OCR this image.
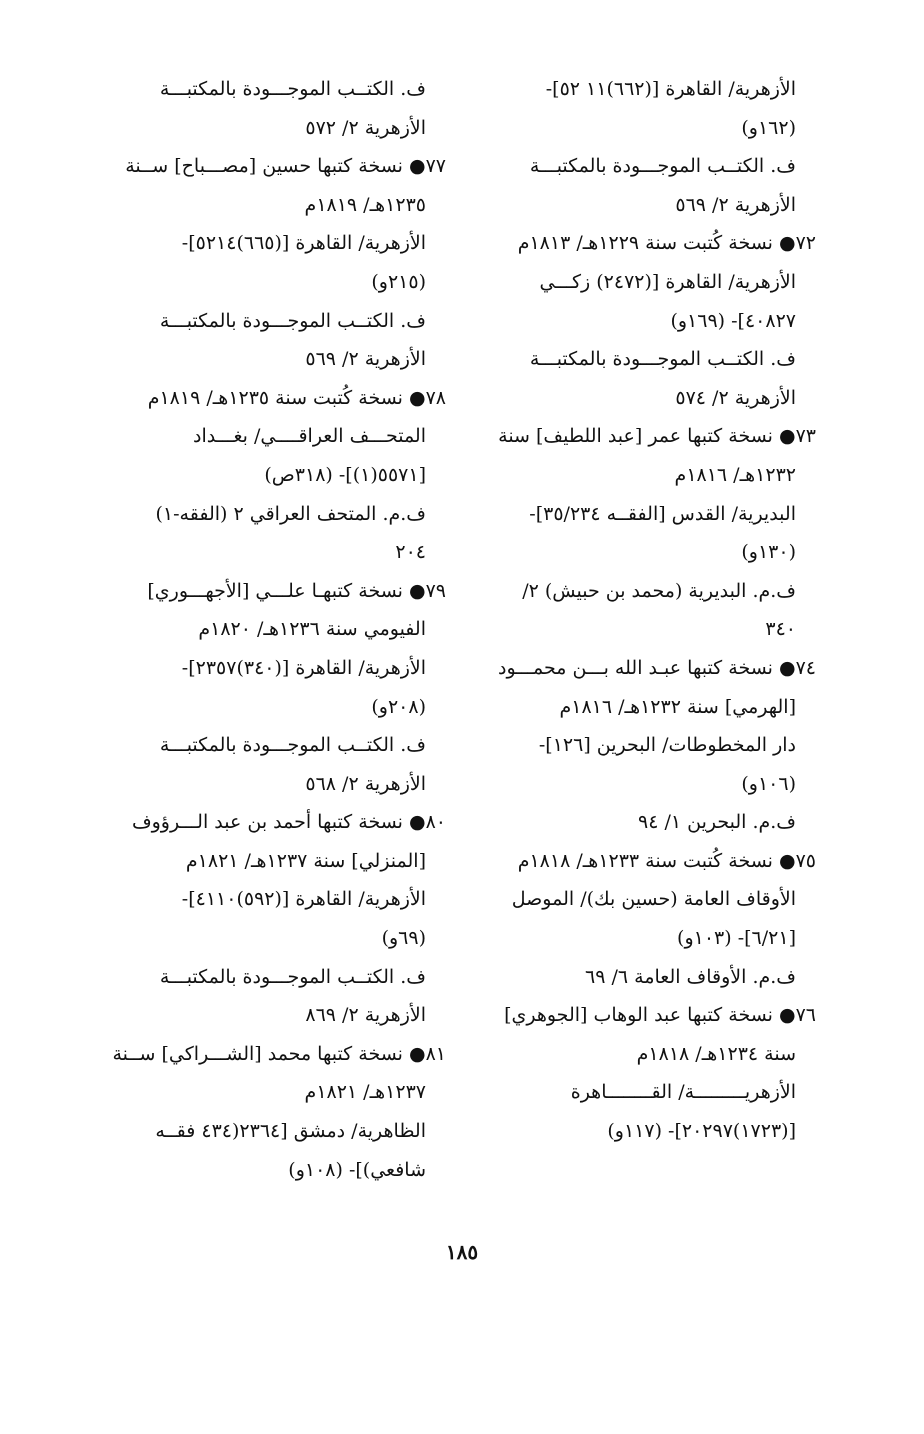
الأزهرية/ القاهرة [(٦٦٢)١١ ٥٢]-
(١٦٢و)
ف. الكتــب الموجـــودة بالمكتبـــة
الأزهرية ٢/ ٥٦٩
٧٢● نسخة كُتبت سنة ١٢٢٩هـ/ ١٨١٣م
الأزهرية/ القاهرة [(٢٤٧٢) زكـــي
٤٠٨٢٧]- (١٦٩و)
ف. الكتــب الموجـــودة بالمكتبـــة
الأزهرية ٢/ ٥٧٤
٧٣● نسخة كتبها عمر [عبد اللطيف] سنة
١٢٣٢هـ/ ١٨١٦م
البديرية/ القدس [الفقــه ٣٥/٢٣٤]-
(١٣٠و)
ف.م. البديرية (محمد بن حبيش) ٢/
٣٤٠
٧٤● نسخة كتبها عبـد الله بـــن محمـــود
[الهرمي] سنة ١٢٣٢هـ/ ١٨١٦م
دار المخطوطات/ البحرين [١٢٦]-
(١٠٦و)
ف.م. البحرين ١/ ٩٤
٧٥● نسخة كُتبت سنة ١٢٣٣هـ/ ١٨١٨م
الأوقاف العامة (حسين بك)/ الموصل
[٦/٢١]- (١٠٣و)
ف.م. الأوقاف العامة ٦/ ٦٩
٧٦● نسخة كتبها عبد الوهاب [الجوهري]
سنة ١٢٣٤هـ/ ١٨١٨م
الأزهريـــــــــة/ القــــــــاهرة
[(١٧٢٣)٢٠٢٩٧]- (١١٧و)
ف. الكتــب الموجـــودة بالمكتبـــة
الأزهرية ٢/ ٥٧٢
٧٧● نسخة كتبها حسين [مصـــباح] ســنة
١٢٣٥هـ/ ١٨١٩م
الأزهرية/ القاهرة [(٦٦٥)٥٢١٤]-
(٢١٥و)
ف. الكتــب الموجـــودة بالمكتبـــة
الأزهرية ٢/ ٥٦٩
٧٨● نسخة كُتبت سنة ١٢٣٥هـ/ ١٨١٩م
المتحـــف العراقــــي/ بغـــداد
[٥٥٧١(١)]- (٣١٨ص)
ف.م. المتحف العراقي ٢ (الفقه-١)
٢٠٤
٧٩● نسخة كتبهـا علـــي [الأجهـــوري]
الفيومي سنة ١٢٣٦هـ/ ١٨٢٠م
الأزهرية/ القاهرة [(٣٤٠)٢٣٥٧]-
(٢٠٨و)
ف. الكتــب الموجـــودة بالمكتبـــة
الأزهرية ٢/ ٥٦٨
٨٠● نسخة كتبها أحمد بن عبد الـــرؤوف
[المنزلي] سنة ١٢٣٧هـ/ ١٨٢١م
الأزهرية/ القاهرة [(٥٩٢)٤١١٠]-
(٦٩و)
ف. الكتــب الموجـــودة بالمكتبـــة
الأزهرية ٢/ ٨٦٩
٨١● نسخة كتبها محمد [الشـــراكي] ســنة
١٢٣٧هـ/ ١٨٢١م
الظاهرية/ دمشق [٢٣٦٤(٤٣٤ فقــه
شافعي)]- (١٠٨و)
١٨٥
